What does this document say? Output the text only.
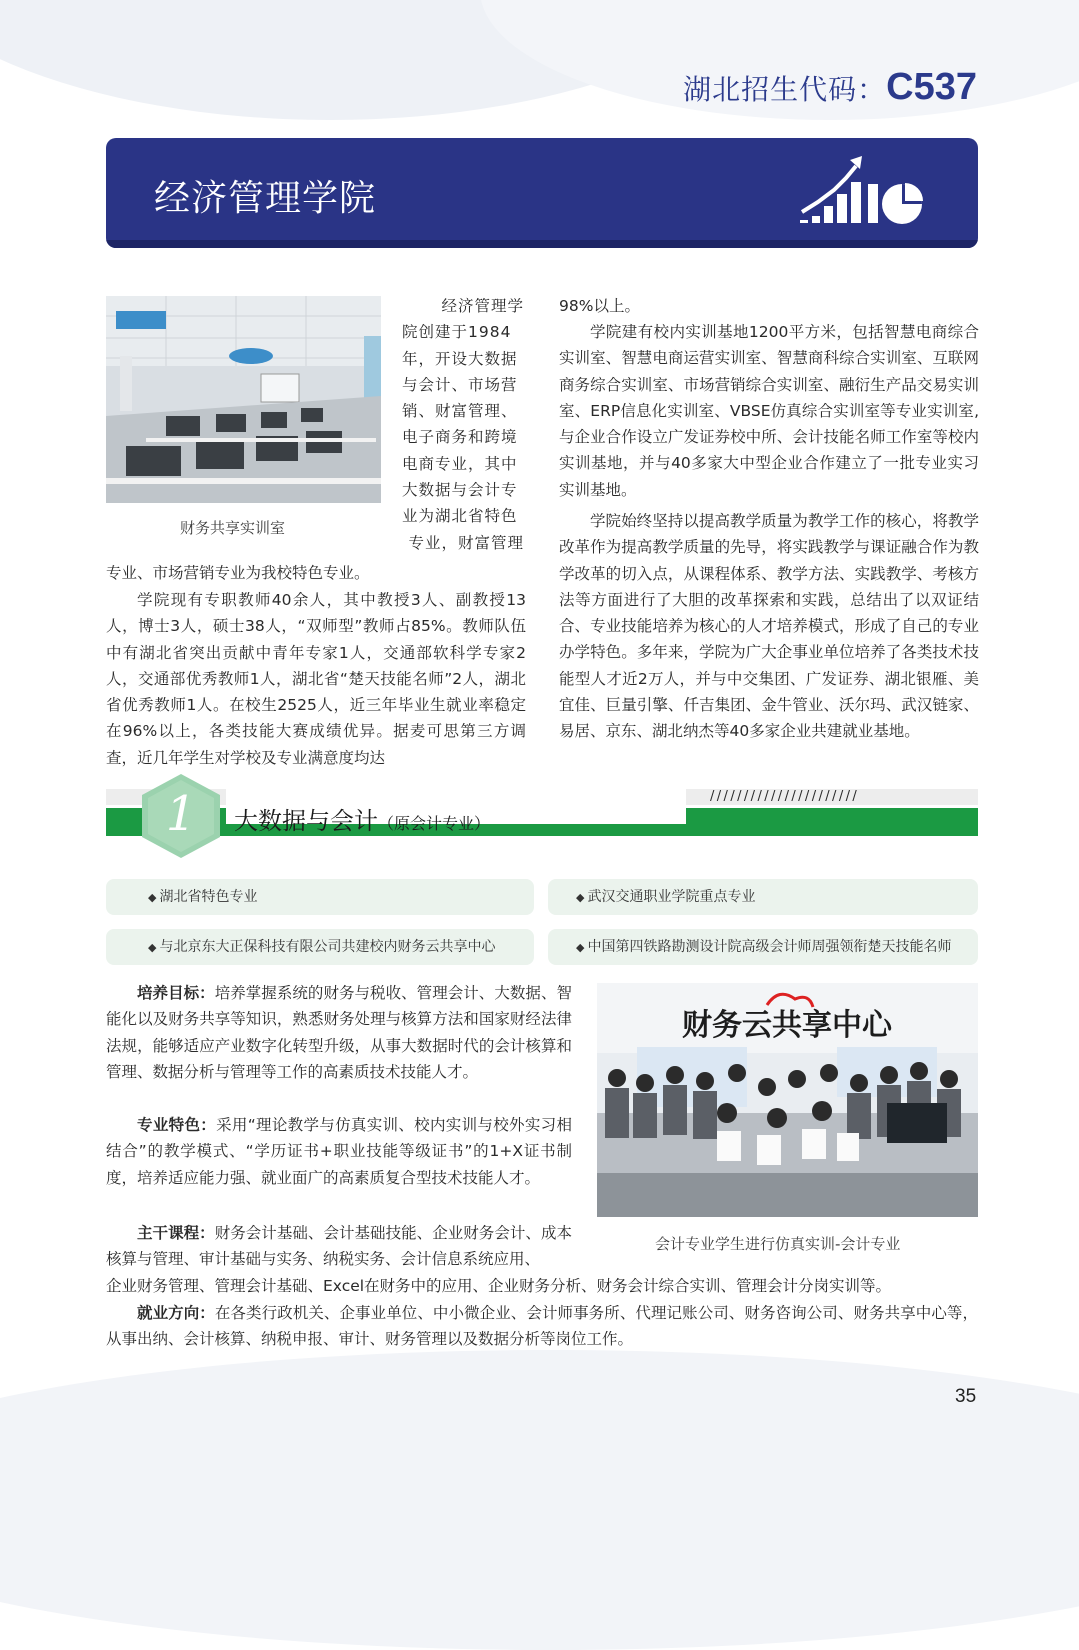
湖北招生代码：C537
经济管理学院
财务共享实训室
经济管理学
院创建于1984
年，开设大数据
与会计、市场营
销、财富管理、
电子商务和跨境
电商专业，其中
大数据与会计专
业为湖北省特色
专业，财富管理
专业、市场营销专业为我校特色专业。
学院现有专职教师40余人，其中教授3人、副教授13人，博士3人，硕士38人，“双师型”教师占85%。教师队伍中有湖北省突出贡献中青年专家1人，交通部软科学专家2人，交通部优秀教师1人，湖北省“楚天技能名师”2人，湖北省优秀教师1人。在校生2525人，近三年毕业生就业率稳定在96%以上，各类技能大赛成绩优异。据麦可思第三方调查，近几年学生对学校及专业满意度均达
98%以上。
学院建有校内实训基地1200平方米，包括智慧电商综合实训室、智慧电商运营实训室、智慧商科综合实训室、互联网商务综合实训室、市场营销综合实训室、融衍生产品交易实训室、ERP信息化实训室、VBSE仿真综合实训室等专业实训室,与企业合作设立广发证券校中所、会计技能名师工作室等校内实训基地，并与40多家大中型企业合作建立了一批专业实习实训基地。
学院始终坚持以提高教学质量为教学工作的核心，将教学改革作为提高教学质量的先导，将实践教学与课证融合作为教学改革的切入点，从课程体系、教学方法、实践教学、考核方法等方面进行了大胆的改革探索和实践，总结出了以双证结合、专业技能培养为核心的人才培养模式，形成了自己的专业办学特色。多年来，学院为广大企事业单位培养了各类技术技能型人才近2万人，并与中交集团、广发证券、湖北银雁、美宜佳、巨量引擎、仟吉集团、金牛管业、沃尔玛、武汉链家、易居、京东、湖北纳杰等40多家企业共建就业基地。
1 大数据与会计（原会计专业）
//////////////////////
◆ 湖北省特色专业	◆ 武汉交通职业学院重点专业
◆ 与北京东大正保科技有限公司共建校内财务云共享中心	◆ 中国第四铁路勘测设计院高级会计师周强领衔楚天技能名师
培养目标：培养掌握系统的财务与税收、管理会计、大数据、智能化以及财务共享等知识，熟悉财务处理与核算方法和国家财经法律法规，能够适应产业数字化转型升级，从事大数据时代的会计核算和管理、数据分析与管理等工作的高素质技术技能人才。
专业特色：采用“理论教学与仿真实训、校内实训与校外实习相结合”的教学模式、“学历证书+职业技能等级证书”的1+X证书制度，培养适应能力强、就业面广的高素质复合型技术技能人才。
主干课程：财务会计基础、会计基础技能、企业财务会计、成本核算与管理、审计基础与实务、纳税实务、会计信息系统应用、
企业财务管理、管理会计基础、Excel在财务中的应用、企业财务分析、财务会计综合实训、管理会计分岗实训等。
就业方向：在各类行政机关、企事业单位、中小微企业、会计师事务所、代理记账公司、财务咨询公司、财务共享中心等，从事出纳、会计核算、纳税申报、审计、财务管理以及数据分析等岗位工作。
财务云共享中心
会计专业学生进行仿真实训-会计专业
35
